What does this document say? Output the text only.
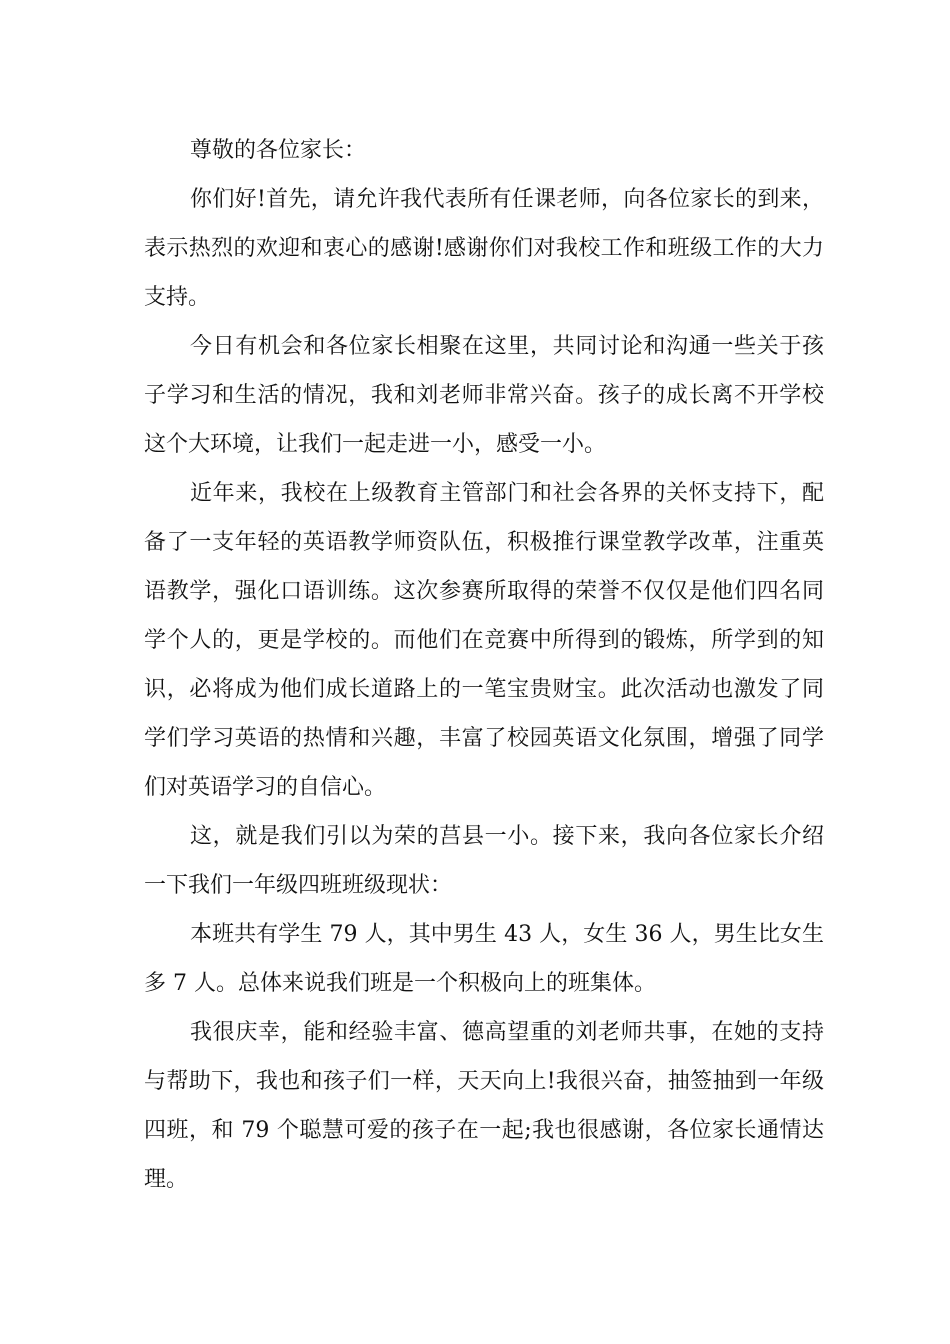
尊敬的各位家长：

你们好!首先，请允许我代表所有任课老师，向各位家长的到来，表示热烈的欢迎和衷心的感谢!感谢你们对我校工作和班级工作的大力支持。

今日有机会和各位家长相聚在这里，共同讨论和沟通一些关于孩子学习和生活的情况，我和刘老师非常兴奋。孩子的成长离不开学校这个大环境，让我们一起走进一小，感受一小。

近年来，我校在上级教育主管部门和社会各界的关怀支持下，配备了一支年轻的英语教学师资队伍，积极推行课堂教学改革，注重英语教学，强化口语训练。这次参赛所取得的荣誉不仅仅是他们四名同学个人的，更是学校的。而他们在竞赛中所得到的锻炼，所学到的知识，必将成为他们成长道路上的一笔宝贵财宝。此次活动也激发了同学们学习英语的热情和兴趣，丰富了校园英语文化氛围，增强了同学们对英语学习的自信心。

这，就是我们引以为荣的莒县一小。接下来，我向各位家长介绍一下我们一年级四班班级现状：

本班共有学生 79 人，其中男生 43 人，女生 36 人，男生比女生多 7 人。总体来说我们班是一个积极向上的班集体。

我很庆幸，能和经验丰富、德高望重的刘老师共事，在她的支持与帮助下，我也和孩子们一样，天天向上!我很兴奋，抽签抽到一年级四班，和 79 个聪慧可爱的孩子在一起;我也很感谢，各位家长通情达理。
